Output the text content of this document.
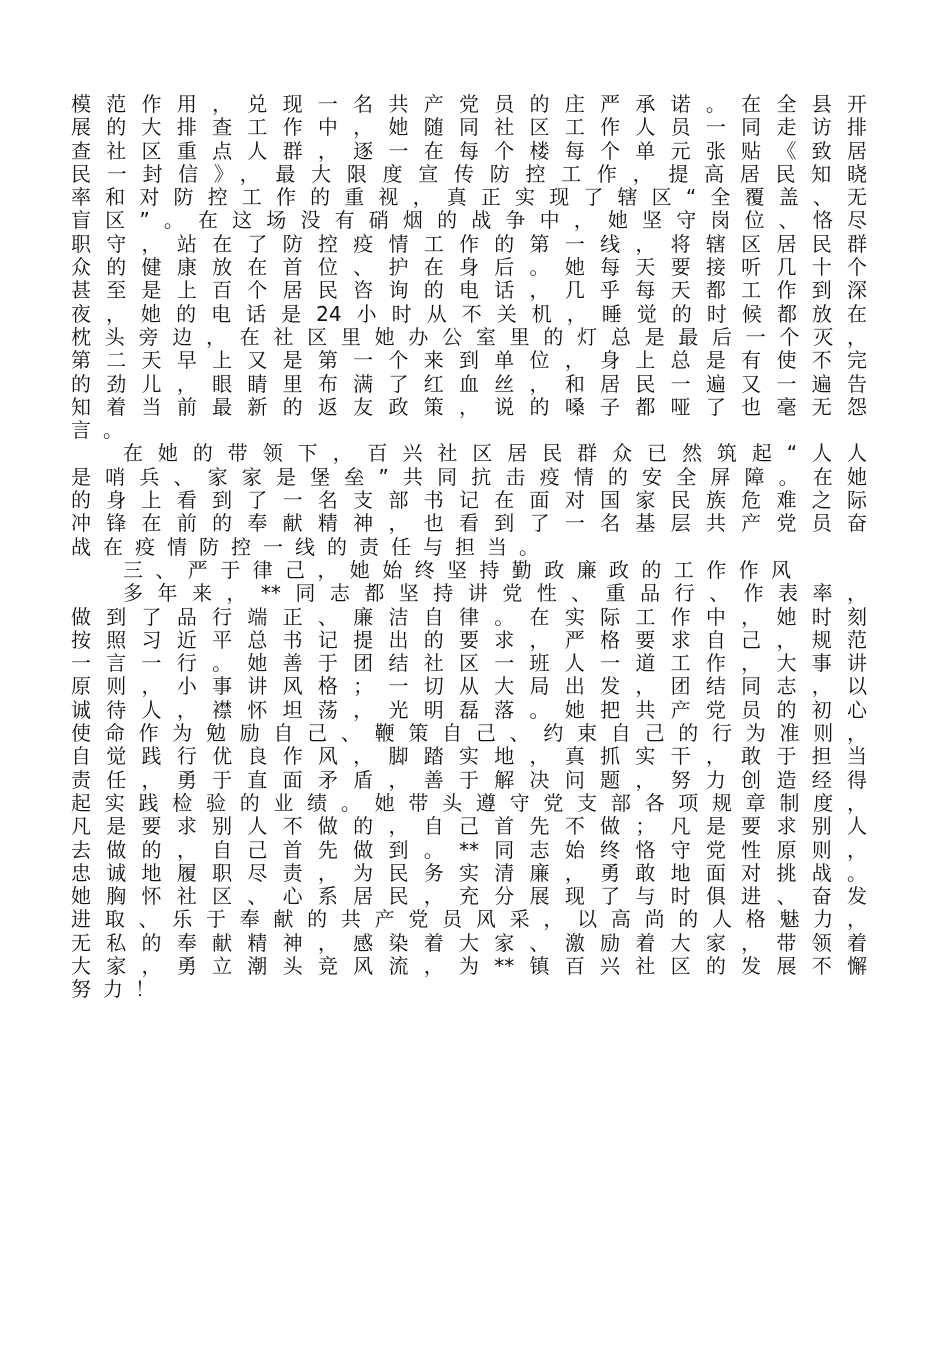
模范作用，兑现一名共产党员的庄严承诺。在全县开
展的大排查工作中，她随同社区工作人员一同走访排
查社区重点人群，逐一在每个楼每个单元张贴《致居
民一封信》，最大限度宣传防控工作，提高居民知晓
率和对防控工作的重视，真正实现了辖区“全覆盖、无
盲区”。在这场没有硝烟的战争中，她坚守岗位、恪尽
职守，站在了防控疫情工作的第一线，将辖区居民群
众的健康放在首位、护在身后。她每天要接听几十个
甚至是上百个居民咨询的电话，几乎每天都工作到深
夜，她的电话是24小时从不关机，睡觉的时候都放在
枕头旁边，在社区里她办公室里的灯总是最后一个灭，
第二天早上又是第一个来到单位，身上总是有使不完
的劲儿，眼睛里布满了红血丝，和居民一遍又一遍告
知着当前最新的返友政策，说的嗓子都哑了也毫无怨
言。
在她的带领下，百兴社区居民群众已然筑起“人人
是哨兵、家家是堡垒”共同抗击疫情的安全屏障。在她
的身上看到了一名支部书记在面对国家民族危难之际
冲锋在前的奉献精神，也看到了一名基层共产党员奋
战在疫情防控一线的责任与担当。
三、严于律己，她始终坚持勤政廉政的工作作风
多年来，**同志都坚持讲党性、重品行、作表率，
做到了品行端正、廉洁自律。在实际工作中，她时刻
按照习近平总书记提出的要求，严格要求自己，规范
一言一行。她善于团结社区一班人一道工作，大事讲
原则，小事讲风格；一切从大局出发，团结同志，以
诚待人，襟怀坦荡，光明磊落。她把共产党员的初心
使命作为勉励自己、鞭策自己、约束自己的行为准则，
自觉践行优良作风，脚踏实地，真抓实干，敢于担当
责任，勇于直面矛盾，善于解决问题，努力创造经得
起实践检验的业绩。她带头遵守党支部各项规章制度，
凡是要求别人不做的，自己首先不做；凡是要求别人
去做的，自己首先做到。**同志始终恪守党性原则，
忠诚地履职尽责，为民务实清廉，勇敢地面对挑战。
她胸怀社区、心系居民，充分展现了与时俱进、奋发
进取、乐于奉献的共产党员风采，以高尚的人格魅力，
无私的奉献精神，感染着大家、激励着大家，带领着
大家，勇立潮头竞风流，为**镇百兴社区的发展不懈
努力！
